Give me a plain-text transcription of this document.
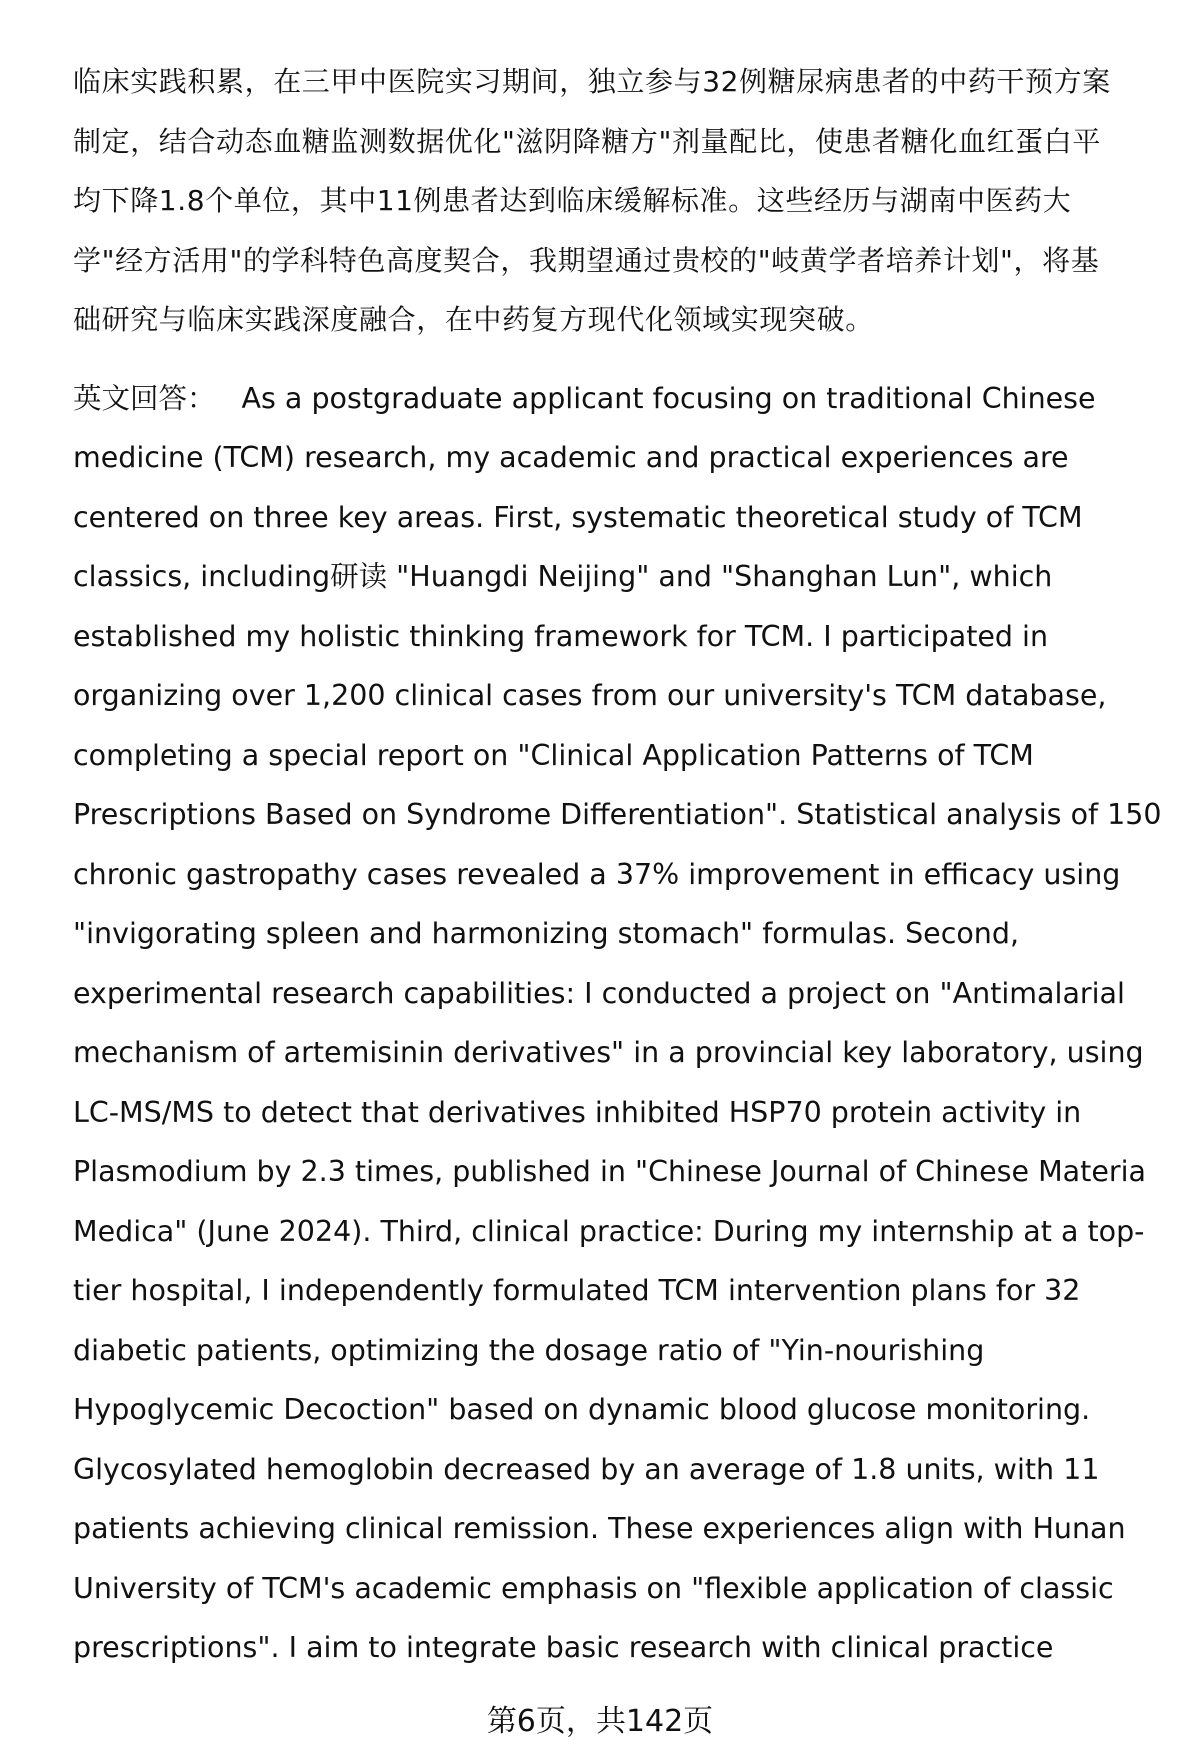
临床实践积累，在三甲中医院实习期间，独立参与32例糖尿病患者的中药干预方案
制定，结合动态血糖监测数据优化"滋阴降糖方"剂量配比，使患者糖化血红蛋白平
均下降1.8个单位，其中11例患者达到临床缓解标准。这些经历与湖南中医药大
学"经方活用"的学科特色高度契合，我期望通过贵校的"岐黄学者培养计划"，将基
础研究与临床实践深度融合，在中药复方现代化领域实现突破。
英文回答： As a postgraduate applicant focusing on traditional Chinese
medicine (TCM) research, my academic and practical experiences are
centered on three key areas. First, systematic theoretical study of TCM
classics, including研读 "Huangdi Neijing" and "Shanghan Lun", which
established my holistic thinking framework for TCM. I participated in
organizing over 1,200 clinical cases from our university's TCM database,
completing a special report on "Clinical Application Patterns of TCM
Prescriptions Based on Syndrome Differentiation". Statistical analysis of 150
chronic gastropathy cases revealed a 37% improvement in efficacy using
"invigorating spleen and harmonizing stomach" formulas. Second,
experimental research capabilities: I conducted a project on "Antimalarial
mechanism of artemisinin derivatives" in a provincial key laboratory, using
LC-MS/MS to detect that derivatives inhibited HSP70 protein activity in
Plasmodium by 2.3 times, published in "Chinese Journal of Chinese Materia
Medica" (June 2024). Third, clinical practice: During my internship at a top-
tier hospital, I independently formulated TCM intervention plans for 32
diabetic patients, optimizing the dosage ratio of "Yin-nourishing
Hypoglycemic Decoction" based on dynamic blood glucose monitoring.
Glycosylated hemoglobin decreased by an average of 1.8 units, with 11
patients achieving clinical remission. These experiences align with Hunan
University of TCM's academic emphasis on "flexible application of classic
prescriptions". I aim to integrate basic research with clinical practice
第6页，共142页
